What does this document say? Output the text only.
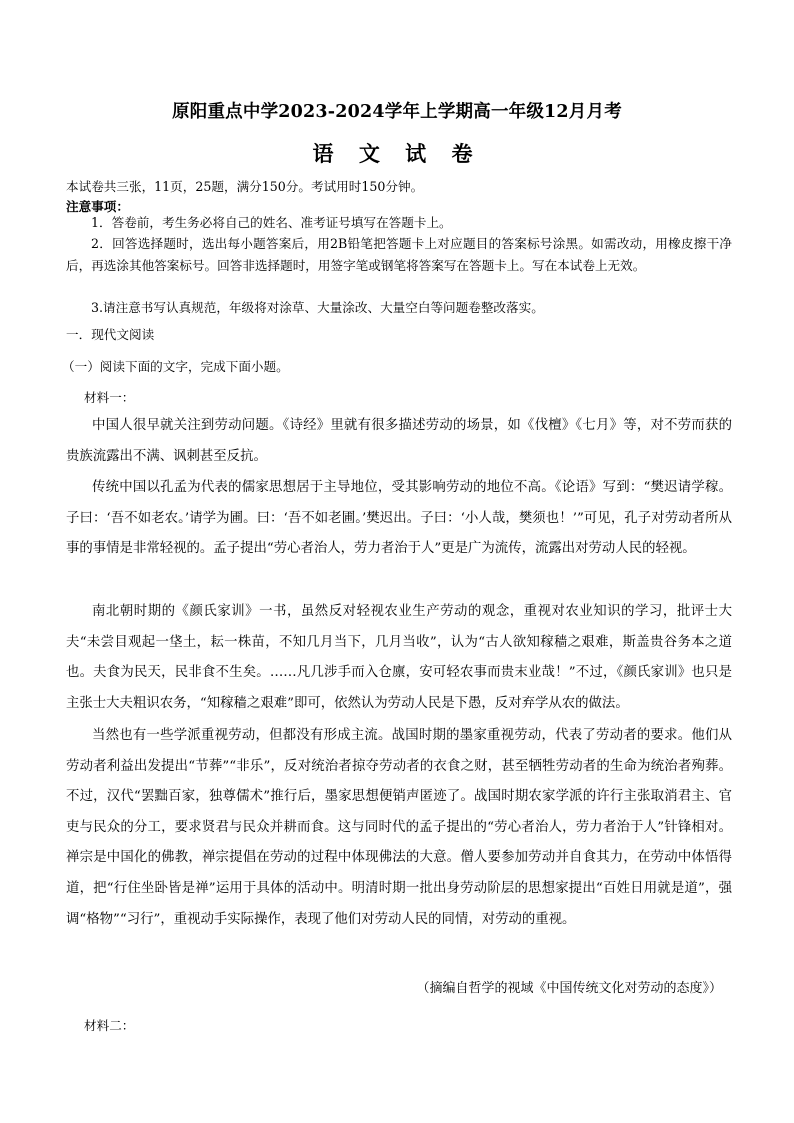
原阳重点中学2023-2024学年上学期高一年级12月月考
语 文 试 卷
本试卷共三张，11页，25题，满分150分。考试用时150分钟。
注意事项：

1．答卷前，考生务必将自己的姓名、准考证号填写在答题卡上。

2．回答选择题时，选出每小题答案后，用2B铅笔把答题卡上对应题目的答案标号涂黑。如需改动，用橡皮擦干净后，再选涂其他答案标号。回答非选择题时，用签字笔或钢笔将答案写在答题卡上。写在本试卷上无效。

3.请注意书写认真规范，年级将对涂草、大量涂改、大量空白等问题卷整改落实。

一．现代文阅读

（一）阅读下面的文字，完成下面小题。

材料一：

中国人很早就关注到劳动问题。《诗经》里就有很多描述劳动的场景，如《伐檀》《七月》等，对不劳而获的贵族流露出不满、讽刺甚至反抗。

传统中国以孔孟为代表的儒家思想居于主导地位，受其影响劳动的地位不高。《论语》写到：“樊迟请学稼。子曰：‘吾不如老农。’请学为圃。曰：‘吾不如老圃。’樊迟出。子曰：‘小人哉，樊须也！’”可见，孔子对劳动者所从事的事情是非常轻视的。孟子提出“劳心者治人，劳力者治于人”更是广为流传，流露出对劳动人民的轻视。

南北朝时期的《颜氏家训》一书，虽然反对轻视农业生产劳动的观念，重视对农业知识的学习，批评士大夫“未尝目观起一垡土，耘一株苗，不知几月当下，几月当收”，认为“古人欲知稼穑之艰难，斯盖贵谷务本之道也。夫食为民天，民非食不生矣。……凡几涉手而入仓廪，安可轻农事而贵末业哉！”不过，《颜氏家训》也只是主张士大夫粗识农务，“知稼穑之艰难”即可，依然认为劳动人民是下愚，反对弃学从农的做法。

当然也有一些学派重视劳动，但都没有形成主流。战国时期的墨家重视劳动，代表了劳动者的要求。他们从劳动者利益出发提出“节葬”“非乐”，反对统治者掠夺劳动者的衣食之财，甚至牺牲劳动者的生命为统治者殉葬。不过，汉代“罢黜百家，独尊儒术”推行后，墨家思想便销声匿迹了。战国时期农家学派的许行主张取消君主、官吏与民众的分工，要求贤君与民众并耕而食。这与同时代的孟子提出的“劳心者治人，劳力者治于人”针锋相对。禅宗是中国化的佛教，禅宗提倡在劳动的过程中体现佛法的大意。僧人要参加劳动并自食其力，在劳动中体悟得道，把“行住坐卧皆是禅”运用于具体的活动中。明清时期一批出身劳动阶层的思想家提出“百姓日用就是道”，强调“格物”“习行”，重视动手实际操作，表现了他们对劳动人民的同情，对劳动的重视。

（摘编自哲学的视域《中国传统文化对劳动的态度》）

材料二：
